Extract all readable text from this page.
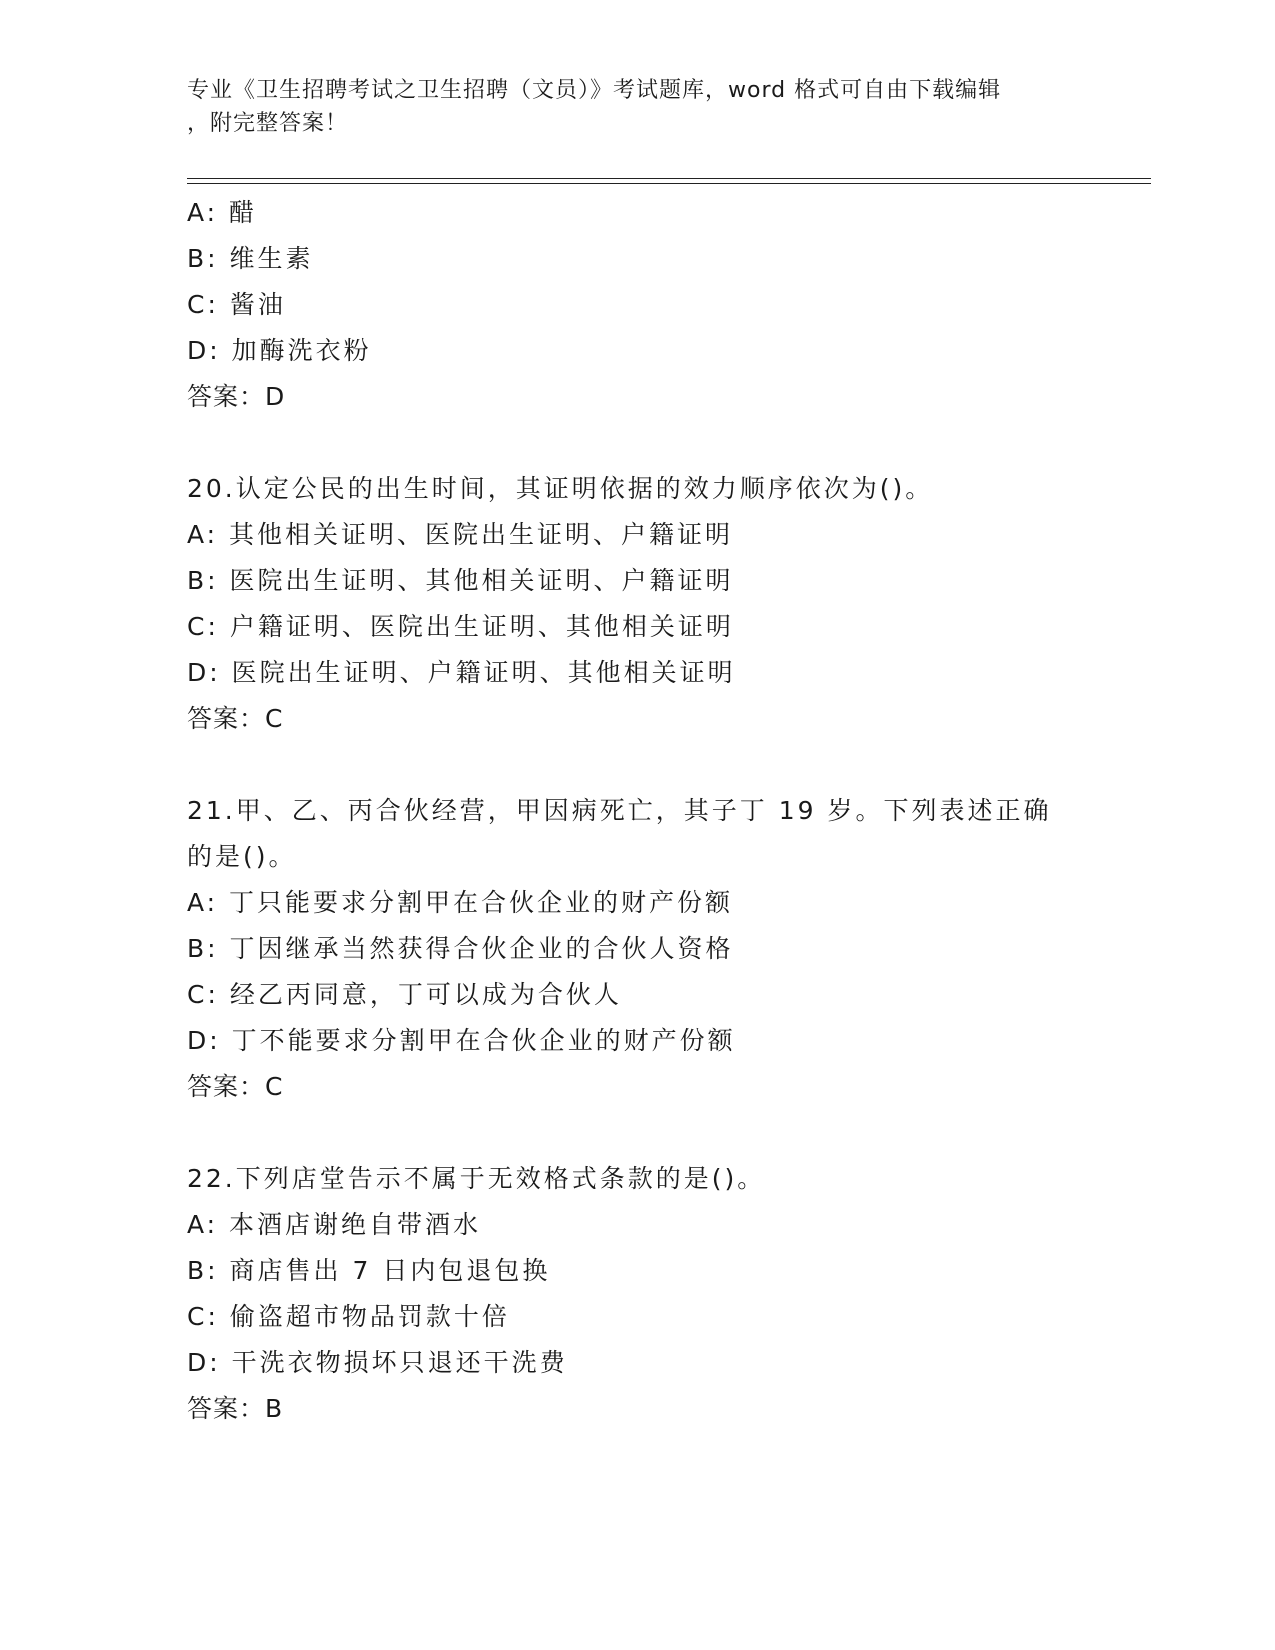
专业《卫生招聘考试之卫生招聘（文员）》考试题库，word 格式可自由下载编辑
，附完整答案！
A: 醋
B: 维生素
C: 酱油
D: 加酶洗衣粉
答案：D
20.认定公民的出生时间，其证明依据的效力顺序依次为()。
A: 其他相关证明、医院出生证明、户籍证明
B: 医院出生证明、其他相关证明、户籍证明
C: 户籍证明、医院出生证明、其他相关证明
D: 医院出生证明、户籍证明、其他相关证明
答案：C
21.甲、乙、丙合伙经营，甲因病死亡，其子丁 19 岁。下列表述正确
的是()。
A: 丁只能要求分割甲在合伙企业的财产份额
B: 丁因继承当然获得合伙企业的合伙人资格
C: 经乙丙同意，丁可以成为合伙人
D: 丁不能要求分割甲在合伙企业的财产份额
答案：C
22.下列店堂告示不属于无效格式条款的是()。
A: 本酒店谢绝自带酒水
B: 商店售出 7 日内包退包换
C: 偷盗超市物品罚款十倍
D: 干洗衣物损坏只退还干洗费
答案：B
